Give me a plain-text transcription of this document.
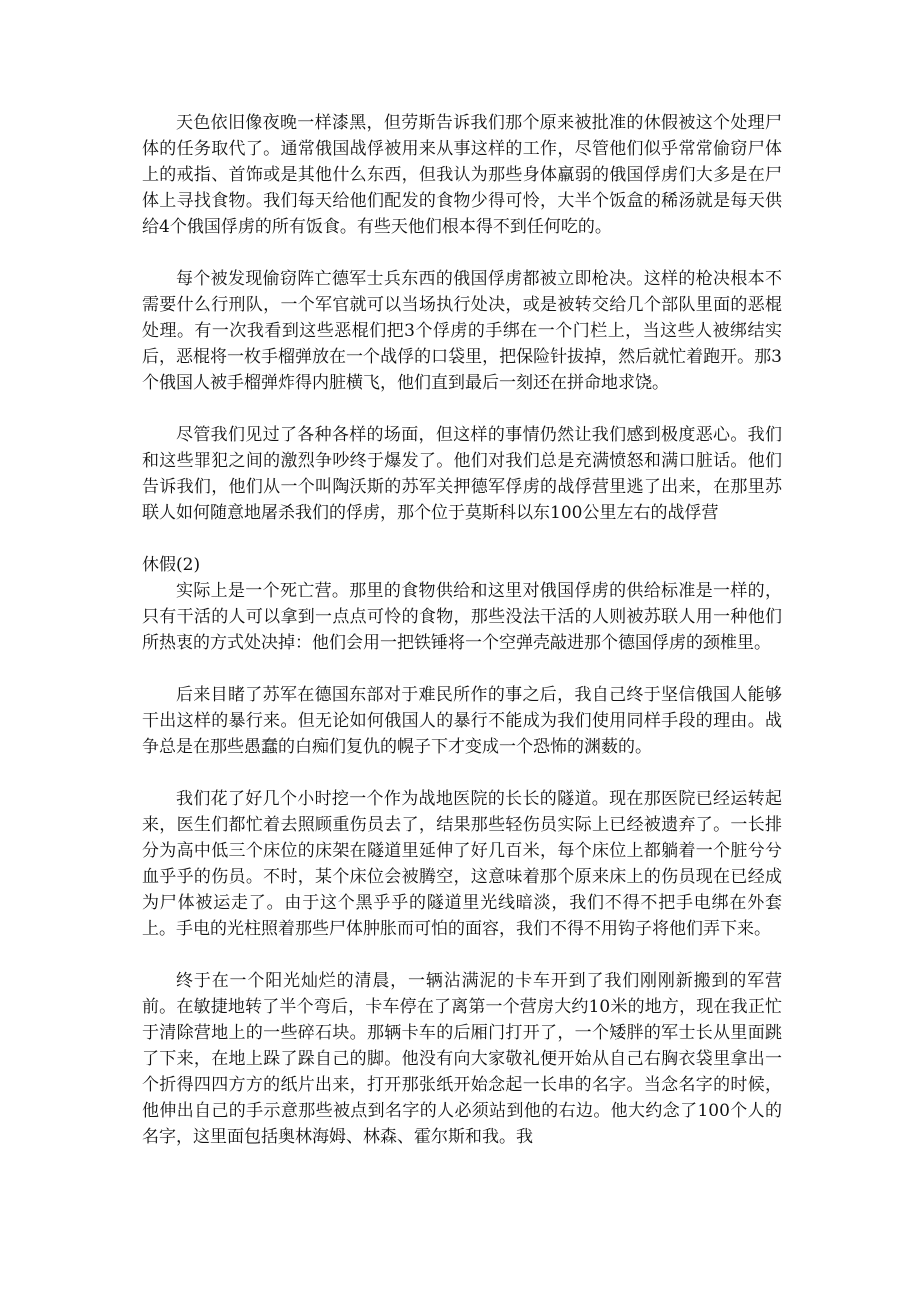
天色依旧像夜晚一样漆黑，但劳斯告诉我们那个原来被批准的休假被这个处理尸体的任务取代了。通常俄国战俘被用来从事这样的工作，尽管他们似乎常常偷窃尸体上的戒指、首饰或是其他什么东西，但我认为那些身体羸弱的俄国俘虏们大多是在尸体上寻找食物。我们每天给他们配发的食物少得可怜，大半个饭盒的稀汤就是每天供给4个俄国俘虏的所有饭食。有些天他们根本得不到任何吃的。

每个被发现偷窃阵亡德军士兵东西的俄国俘虏都被立即枪决。这样的枪决根本不需要什么行刑队，一个军官就可以当场执行处决，或是被转交给几个部队里面的恶棍处理。有一次我看到这些恶棍们把3个俘虏的手绑在一个门栏上，当这些人被绑结实后，恶棍将一枚手榴弹放在一个战俘的口袋里，把保险针拔掉，然后就忙着跑开。那3个俄国人被手榴弹炸得内脏横飞，他们直到最后一刻还在拼命地求饶。

尽管我们见过了各种各样的场面，但这样的事情仍然让我们感到极度恶心。我们和这些罪犯之间的激烈争吵终于爆发了。他们对我们总是充满愤怒和满口脏话。他们告诉我们，他们从一个叫陶沃斯的苏军关押德军俘虏的战俘营里逃了出来，在那里苏联人如何随意地屠杀我们的俘虏，那个位于莫斯科以东100公里左右的战俘营

休假(2)

实际上是一个死亡营。那里的食物供给和这里对俄国俘虏的供给标准是一样的，只有干活的人可以拿到一点点可怜的食物，那些没法干活的人则被苏联人用一种他们所热衷的方式处决掉：他们会用一把铁锤将一个空弹壳敲进那个德国俘虏的颈椎里。

后来目睹了苏军在德国东部对于难民所作的事之后，我自己终于坚信俄国人能够干出这样的暴行来。但无论如何俄国人的暴行不能成为我们使用同样手段的理由。战争总是在那些愚蠢的白痴们复仇的幌子下才变成一个恐怖的渊薮的。

我们花了好几个小时挖一个作为战地医院的长长的隧道。现在那医院已经运转起来，医生们都忙着去照顾重伤员去了，结果那些轻伤员实际上已经被遗弃了。一长排分为高中低三个床位的床架在隧道里延伸了好几百米，每个床位上都躺着一个脏兮兮血乎乎的伤员。不时，某个床位会被腾空，这意味着那个原来床上的伤员现在已经成为尸体被运走了。由于这个黑乎乎的隧道里光线暗淡，我们不得不把手电绑在外套上。手电的光柱照着那些尸体肿胀而可怕的面容，我们不得不用钩子将他们弄下来。

终于在一个阳光灿烂的清晨，一辆沾满泥的卡车开到了我们刚刚新搬到的军营前。在敏捷地转了半个弯后，卡车停在了离第一个营房大约10米的地方，现在我正忙于清除营地上的一些碎石块。那辆卡车的后厢门打开了，一个矮胖的军士长从里面跳了下来，在地上跺了跺自己的脚。他没有向大家敬礼便开始从自己右胸衣袋里拿出一个折得四四方方的纸片出来，打开那张纸开始念起一长串的名字。当念名字的时候，他伸出自己的手示意那些被点到名字的人必须站到他的右边。他大约念了100个人的名字，这里面包括奥林海姆、林森、霍尔斯和我。我
